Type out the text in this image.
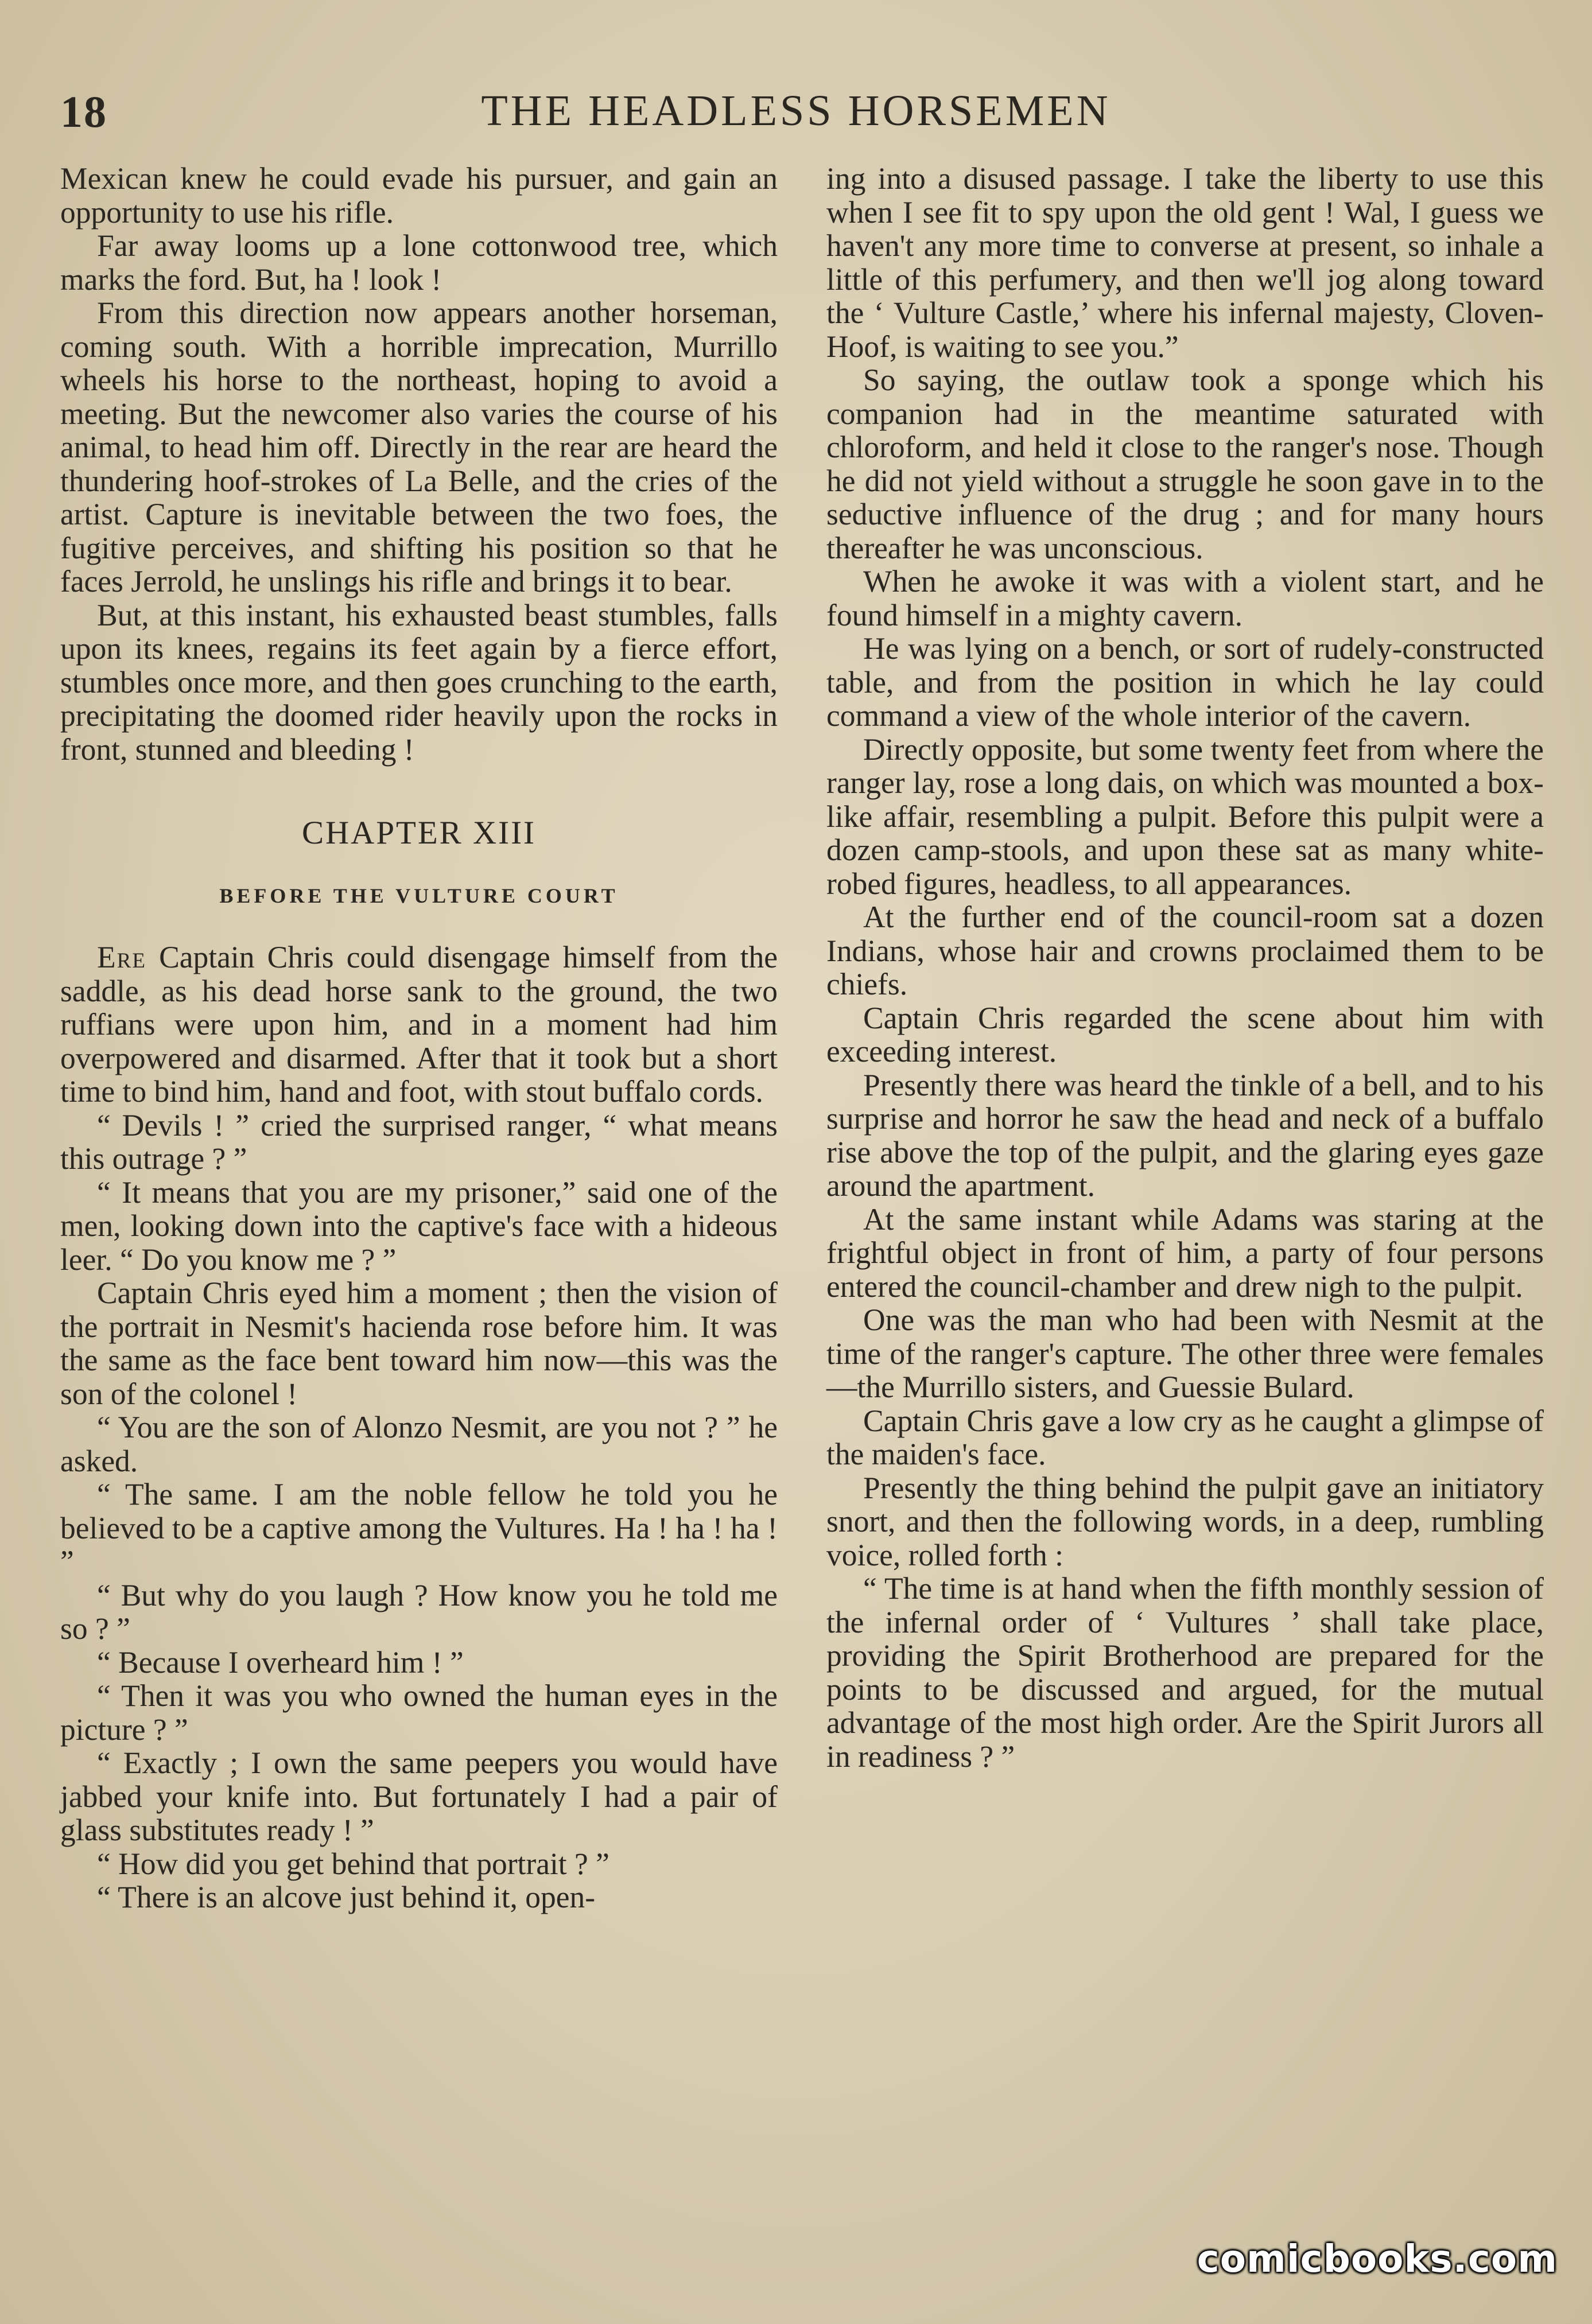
18	THE HEADLESS HORSEMEN

Mexican knew he could evade his pursuer, and gain an opportunity to use his rifle.

Far away looms up a lone cottonwood tree, which marks the ford. But, ha ! look !

From this direction now appears another horseman, coming south. With a horrible imprecation, Murrillo wheels his horse to the northeast, hoping to avoid a meeting. But the newcomer also varies the course of his animal, to head him off. Directly in the rear are heard the thundering hoof-strokes of La Belle, and the cries of the artist. Capture is inevitable between the two foes, the fugitive perceives, and shifting his position so that he faces Jerrold, he unslings his rifle and brings it to bear.

But, at this instant, his exhausted beast stumbles, falls upon its knees, regains its feet again by a fierce effort, stumbles once more, and then goes crunching to the earth, precipitating the doomed rider heavily upon the rocks in front, stunned and bleeding !

CHAPTER XIII
BEFORE THE VULTURE COURT

Ere Captain Chris could disengage himself from the saddle, as his dead horse sank to the ground, the two ruffians were upon him, and in a moment had him overpowered and disarmed. After that it took but a short time to bind him, hand and foot, with stout buffalo cords.

“ Devils ! ” cried the surprised ranger, “ what means this outrage ? ”

“ It means that you are my prisoner,” said one of the men, looking down into the captive's face with a hideous leer. “ Do you know me ? ”

Captain Chris eyed him a moment ; then the vision of the portrait in Nesmit's hacienda rose before him. It was the same as the face bent toward him now—this was the son of the colonel !

“ You are the son of Alonzo Nesmit, are you not ? ” he asked.

“ The same. I am the noble fellow he told you he believed to be a captive among the Vultures. Ha ! ha ! ha ! ”

“ But why do you laugh ? How know you he told me so ? ”

“ Because I overheard him ! ”

“ Then it was you who owned the human eyes in the picture ? ”

“ Exactly ; I own the same peepers you would have jabbed your knife into. But fortunately I had a pair of glass substitutes ready ! ”

“ How did you get behind that portrait ? ”

“ There is an alcove just behind it, open-

ing into a disused passage. I take the liberty to use this when I see fit to spy upon the old gent ! Wal, I guess we haven't any more time to converse at present, so inhale a little of this perfumery, and then we'll jog along toward the ‘ Vulture Castle,’ where his infernal majesty, Cloven-Hoof, is waiting to see you.”

So saying, the outlaw took a sponge which his companion had in the meantime saturated with chloroform, and held it close to the ranger's nose. Though he did not yield without a struggle he soon gave in to the seductive influence of the drug ; and for many hours thereafter he was unconscious.

When he awoke it was with a violent start, and he found himself in a mighty cavern.

He was lying on a bench, or sort of rudely-constructed table, and from the position in which he lay could command a view of the whole interior of the cavern.

Directly opposite, but some twenty feet from where the ranger lay, rose a long dais, on which was mounted a box-like affair, resembling a pulpit. Before this pulpit were a dozen camp-stools, and upon these sat as many white-robed figures, headless, to all appearances.

At the further end of the council-room sat a dozen Indians, whose hair and crowns proclaimed them to be chiefs.

Captain Chris regarded the scene about him with exceeding interest.

Presently there was heard the tinkle of a bell, and to his surprise and horror he saw the head and neck of a buffalo rise above the top of the pulpit, and the glaring eyes gaze around the apartment.

At the same instant while Adams was staring at the frightful object in front of him, a party of four persons entered the council-chamber and drew nigh to the pulpit.

One was the man who had been with Nesmit at the time of the ranger's capture. The other three were females—the Murrillo sisters, and Guessie Bulard.

Captain Chris gave a low cry as he caught a glimpse of the maiden's face.

Presently the thing behind the pulpit gave an initiatory snort, and then the following words, in a deep, rumbling voice, rolled forth :

“ The time is at hand when the fifth monthly session of the infernal order of ‘ Vultures ’ shall take place, providing the Spirit Brotherhood are prepared for the points to be discussed and argued, for the mutual advantage of the most high order. Are the Spirit Jurors all in readiness ? ”

comicbooks.com
